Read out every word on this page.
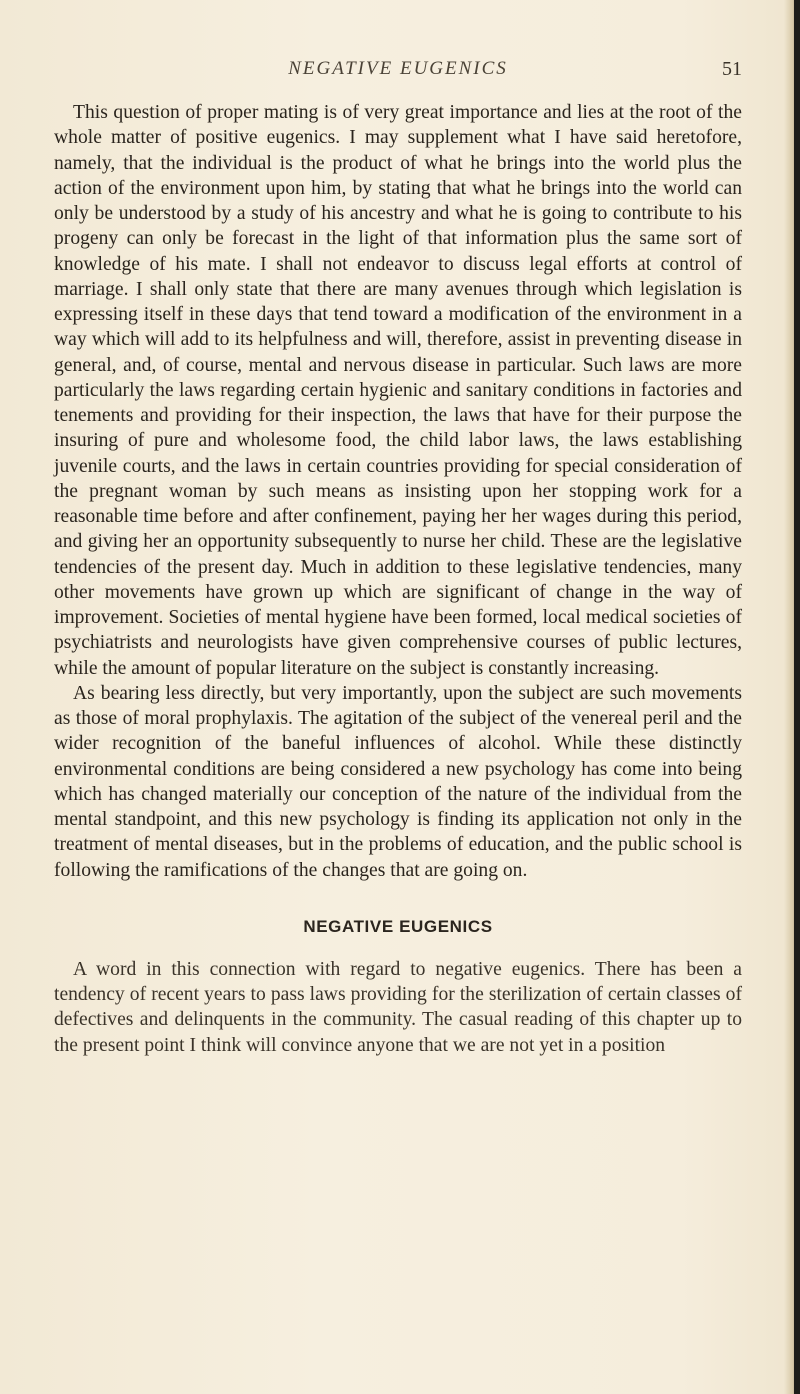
NEGATIVE EUGENICS	51

This question of proper mating is of very great importance and lies at the root of the whole matter of positive eugenics. I may supplement what I have said heretofore, namely, that the individual is the product of what he brings into the world plus the action of the environment upon him, by stating that what he brings into the world can only be understood by a study of his ancestry and what he is going to contribute to his progeny can only be forecast in the light of that information plus the same sort of knowledge of his mate. I shall not endeavor to discuss legal efforts at control of marriage. I shall only state that there are many avenues through which legislation is expressing itself in these days that tend toward a modification of the environment in a way which will add to its helpfulness and will, therefore, assist in preventing disease in general, and, of course, mental and nervous disease in particular. Such laws are more particularly the laws regarding certain hygienic and sanitary conditions in factories and tenements and providing for their inspection, the laws that have for their purpose the insuring of pure and wholesome food, the child labor laws, the laws establishing juvenile courts, and the laws in certain countries providing for special consideration of the pregnant woman by such means as insisting upon her stopping work for a reasonable time before and after confinement, paying her her wages during this period, and giving her an opportunity subsequently to nurse her child. These are the legislative tendencies of the present day. Much in addition to these legislative tendencies, many other movements have grown up which are significant of change in the way of improvement. Societies of mental hygiene have been formed, local medical societies of psychiatrists and neurologists have given comprehensive courses of public lectures, while the amount of popular literature on the subject is constantly increasing.

As bearing less directly, but very importantly, upon the subject are such movements as those of moral prophylaxis. The agitation of the subject of the venereal peril and the wider recognition of the baneful influences of alcohol. While these distinctly environmental conditions are being considered a new psychology has come into being which has changed materially our conception of the nature of the individual from the mental standpoint, and this new psychology is finding its application not only in the treatment of mental diseases, but in the problems of education, and the public school is following the ramifications of the changes that are going on.

NEGATIVE EUGENICS

A word in this connection with regard to negative eugenics. There has been a tendency of recent years to pass laws providing for the sterilization of certain classes of defectives and delinquents in the community. The casual reading of this chapter up to the present point I think will convince anyone that we are not yet in a position
